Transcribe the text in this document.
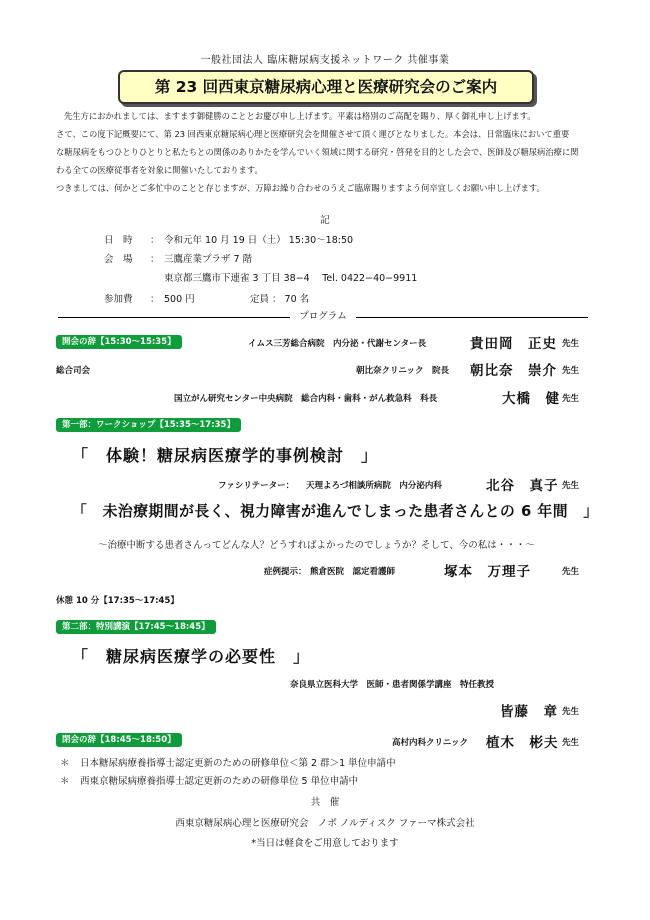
一般社団法人 臨床糖尿病支援ネットワーク 共催事業
第 23 回西東京糖尿病心理と医療研究会のご案内
先生方におかれましては、ますます御健勝のこととお慶び申し上げます。平素は格別のご高配を賜り、厚く御礼申し上げます。
さて、この度下記概要にて、第 23 回西東京糖尿病心理と医療研究会を開催させて頂く運びとなりました。本会は、日常臨床において重要
な糖尿病をもつひとりひとりと私たちとの関係のありかたを学んでいく領域に関する研究・啓発を目的とした会で、医師及び糖尿病治療に関
わる全ての医療従事者を対象に開催いたしております。
つきましては、何かとご多忙中のことと存じますが、万障お繰り合わせのうえご臨席賜りますよう何卒宜しくお願い申し上げます。
記
日　時 ： 令和元年 10 月 19 日（土） 15:30〜18:50
会　場 ： 三鷹産業プラザ 7 階
東京都三鷹市下連雀 3 丁目 38−4　 Tel. 0422−40−9911
参加費 ： 500 円	定員 ： 70 名
プログラム
開会の辞【15:30〜15:35】	イムス三芳総合病院　内分泌・代謝センター長	貴田岡　正史 先生
総合司会	朝比奈クリニック　院長 朝比奈　崇介 先生
国立がん研究センター中央病院　総合内科・歯科・がん救急科　科長	大橋　健 先生
第一部：ワークショップ【15:35〜17:35】
「　体験！糖尿病医療学的事例検討　」
ファシリテーター： 天理よろづ相談所病院　内分泌内科	北谷　真子 先生
「　未治療期間が長く、視力障害が進んでしまった患者さんとの 6 年間　」
〜治療中断する患者さんってどんな人？どうすればよかったのでしょうか？そして、今の私は・・・〜
症例提示： 熊倉医院　認定看護師	塚本　万理子	先生
休憩 10 分【17:35〜17:45】
第二部：特別講演【17:45〜18:45】
「　糖尿病医療学の必要性　」
奈良県立医科大学　医師・患者関係学講座　特任教授
皆藤　章 先生
閉会の辞【18:45〜18:50】	高村内科クリニック 植木　彬夫 先生
＊ 日本糖尿病療養指導士認定更新のための研修単位＜第 2 群＞1 単位申請中
＊ 西東京糖尿病療養指導士認定更新のための研修単位 5 単位申請中
共　催
西東京糖尿病心理と医療研究会　ノボ ノルディスク ファーマ株式会社
*当日は軽食をご用意しております
